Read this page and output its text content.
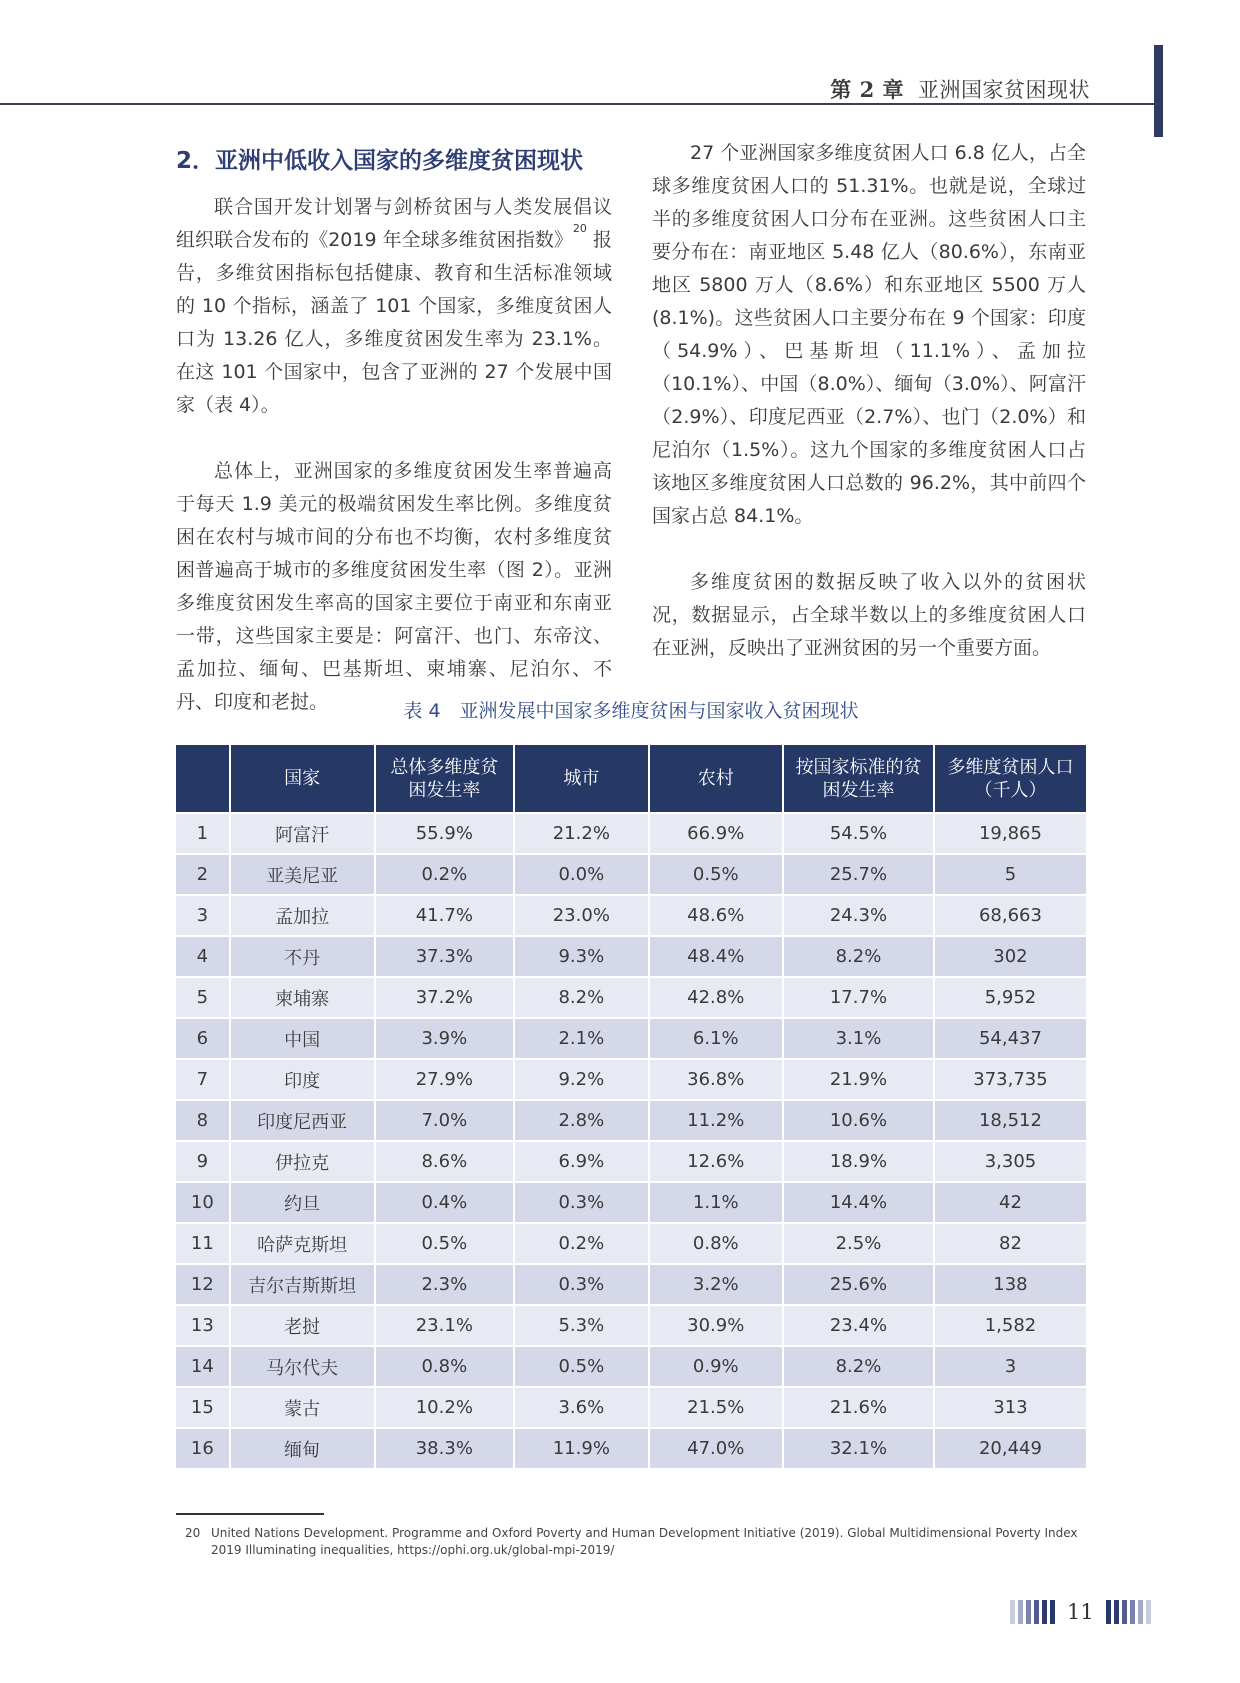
第 2 章 亚洲国家贫困现状
2．亚洲中低收入国家的多维度贫困现状

联合国开发计划署与剑桥贫困与人类发展倡议组织联合发布的《2019 年全球多维贫困指数》$^{20}$ 报告，多维贫困指标包括健康、教育和生活标准领域的 10 个指标，涵盖了 101 个国家，多维度贫困人口为 13.26 亿人，多维度贫困发生率为 23.1%。在这 101 个国家中，包含了亚洲的 27 个发展中国家（表 4）。

总体上，亚洲国家的多维度贫困发生率普遍高于每天 1.9 美元的极端贫困发生率比例。多维度贫困在农村与城市间的分布也不均衡，农村多维度贫困普遍高于城市的多维度贫困发生率（图 2）。亚洲多维度贫困发生率高的国家主要位于南亚和东南亚一带，这些国家主要是：阿富汗、也门、东帝汶、孟加拉、缅甸、巴基斯坦、柬埔寨、尼泊尔、不丹、印度和老挝。

27 个亚洲国家多维度贫困人口 6.8 亿人，占全球多维度贫困人口的 51.31%。也就是说，全球过半的多维度贫困人口分布在亚洲。这些贫困人口主要分布在：南亚地区 5.48 亿人（80.6%），东南亚地区 5800 万人（8.6%）和东亚地区 5500 万人 (8.1%)。这些贫困人口主要分布在 9 个国家：印度（54.9%）、巴基斯坦（11.1%）、孟加拉（10.1%）、中国（8.0%）、缅甸（3.0%）、阿富汗（2.9%）、印度尼西亚（2.7%）、也门（2.0%）和尼泊尔（1.5%）。这九个国家的多维度贫困人口占该地区多维度贫困人口总数的 96.2%，其中前四个国家占总 84.1%。

多维度贫困的数据反映了收入以外的贫困状况，数据显示，占全球半数以上的多维度贫困人口在亚洲，反映出了亚洲贫困的另一个重要方面。

表 4　亚洲发展中国家多维度贫困与国家收入贫困现状
	国家	总体多维度贫困发生率	城市	农村	按国家标准的贫困发生率	多维度贫困人口（千人）
1	阿富汗	55.9%	21.2%	66.9%	54.5%	19,865
2	亚美尼亚	0.2%	0.0%	0.5%	25.7%	5
3	孟加拉	41.7%	23.0%	48.6%	24.3%	68,663
4	不丹	37.3%	9.3%	48.4%	8.2%	302
5	柬埔寨	37.2%	8.2%	42.8%	17.7%	5,952
6	中国	3.9%	2.1%	6.1%	3.1%	54,437
7	印度	27.9%	9.2%	36.8%	21.9%	373,735
8	印度尼西亚	7.0%	2.8%	11.2%	10.6%	18,512
9	伊拉克	8.6%	6.9%	12.6%	18.9%	3,305
10	约旦	0.4%	0.3%	1.1%	14.4%	42
11	哈萨克斯坦	0.5%	0.2%	0.8%	2.5%	82
12	吉尔吉斯斯坦	2.3%	0.3%	3.2%	25.6%	138
13	老挝	23.1%	5.3%	30.9%	23.4%	1,582
14	马尔代夫	0.8%	0.5%	0.9%	8.2%	3
15	蒙古	10.2%	3.6%	21.5%	21.6%	313
16	缅甸	38.3%	11.9%	47.0%	32.1%	20,449
20 United Nations Development. Programme and Oxford Poverty and Human Development Initiative (2019). Global Multidimensional Poverty Index 2019 Illuminating inequalities, https://ophi.org.uk/global-mpi-2019/
11
